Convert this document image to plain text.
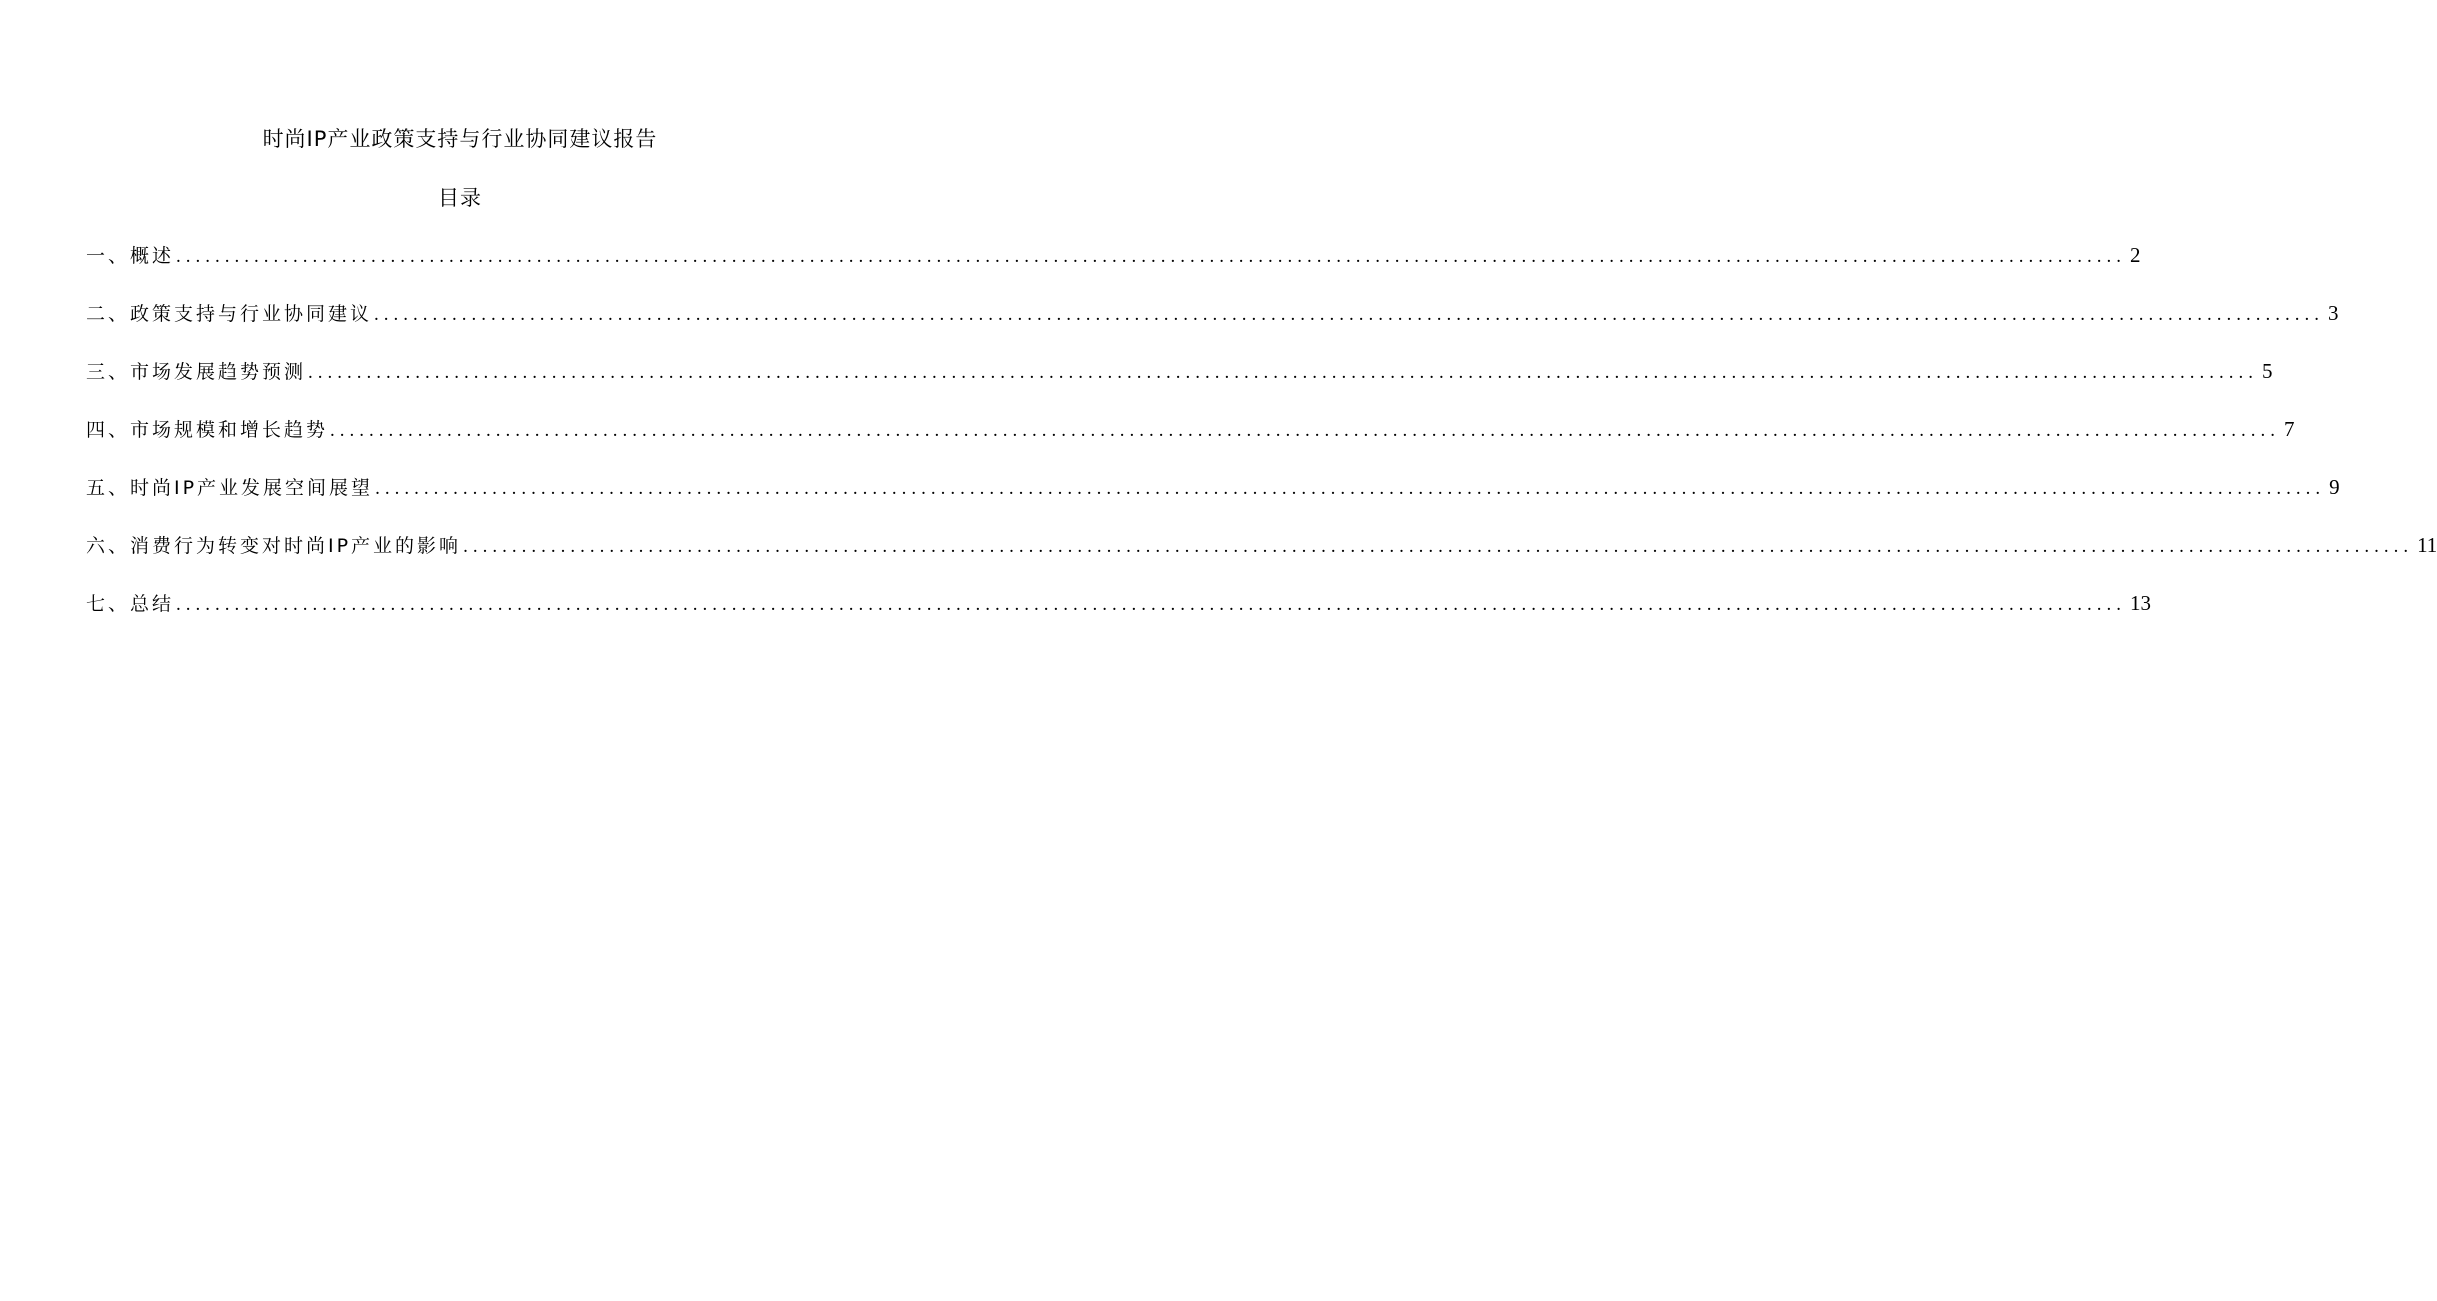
时尚IP产业政策支持与行业协同建议报告
目录
一、概述 ........................................................................................................................................................................................................ 2
二、政策支持与行业协同建议 ........................................................................................................................................................................................................ 3
三、市场发展趋势预测 ........................................................................................................................................................................................................ 5
四、市场规模和增长趋势 ........................................................................................................................................................................................................ 7
五、时尚IP产业发展空间展望 ........................................................................................................................................................................................................ 9
六、消费行为转变对时尚IP产业的影响 ........................................................................................................................................................................................................ 11
七、总结 ........................................................................................................................................................................................................ 13
